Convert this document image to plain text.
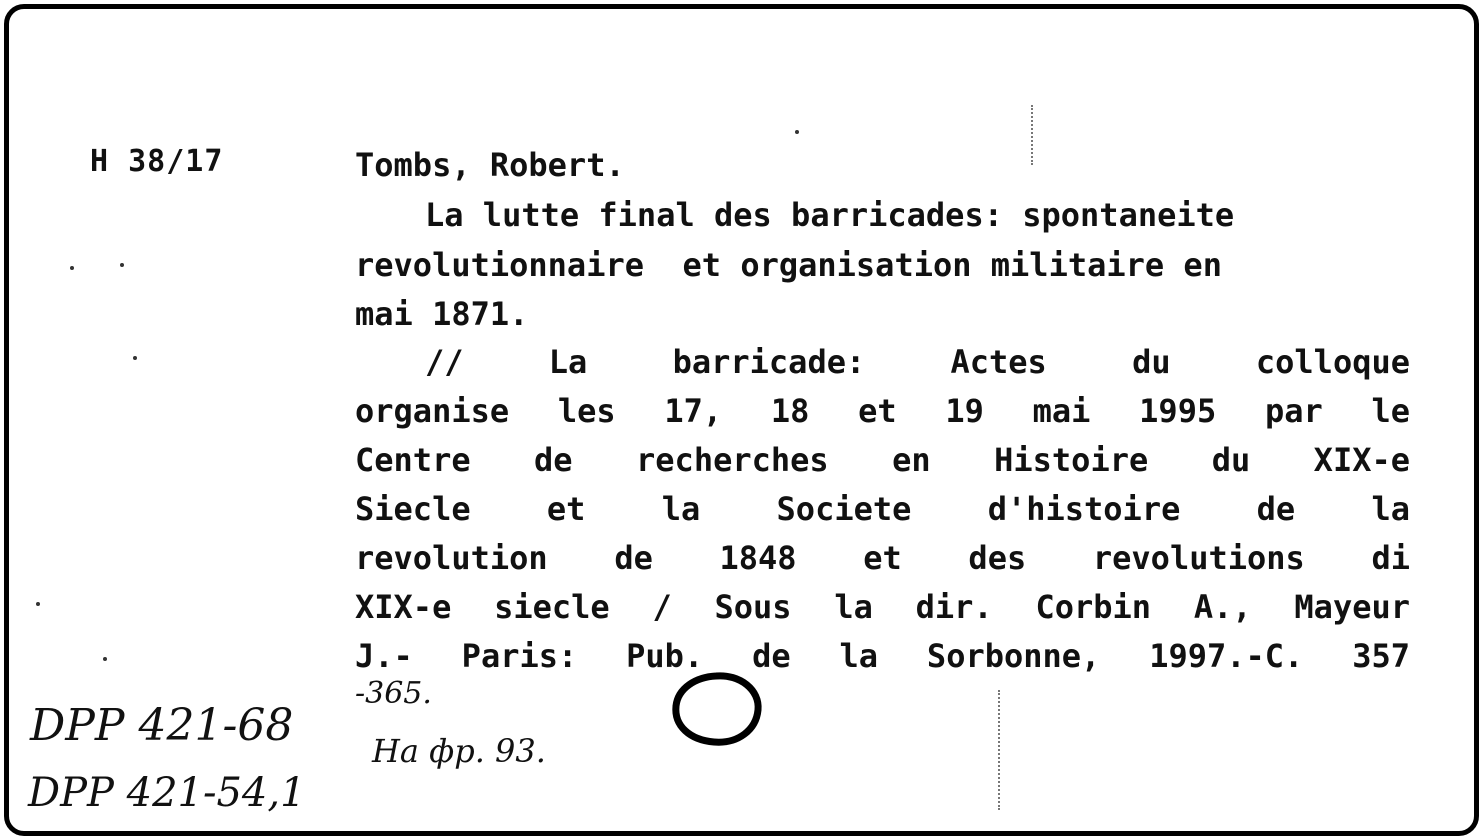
H 38/17	Tombs, Robert.
La lutte final des barricades: spontaneite
revolutionnaire  et organisation militaire en
mai 1871.
// La barricade: Actes du colloque
organise les 17, 18 et 19 mai 1995 par le
Centre de recherches en Histoire du XIX-e
Siecle et la Societe d'histoire de la
revolution de 1848 et des revolutions di
XIX-e siecle / Sous la dir. Corbin A., Mayeur
J.- Paris: Pub. de la Sorbonne, 1997.-C. 357
-365.
DPP 421-68
DPP 421-54,1
Ha фр. 93.
